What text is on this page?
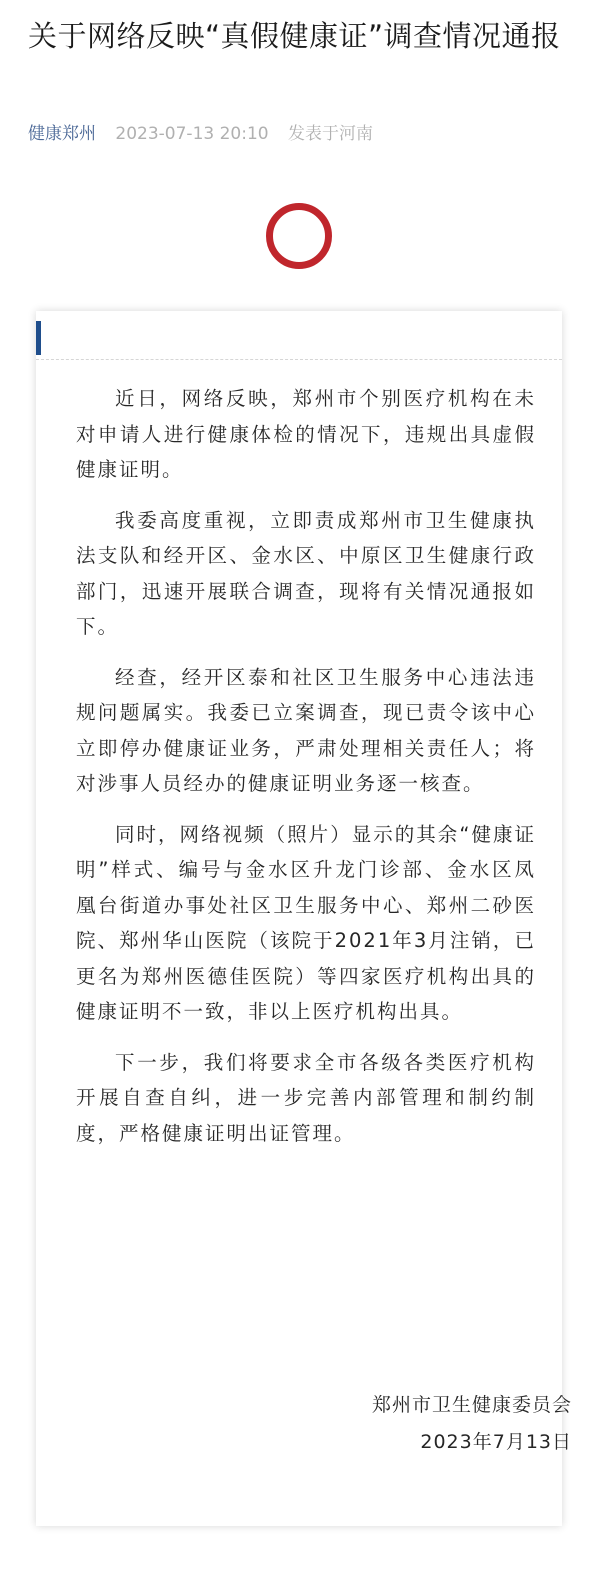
关于网络反映“真假健康证”调查情况通报
健康郑州 2023-07-13 20:10 发表于河南

近日，网络反映，郑州市个别医疗机构在未对申请人进行健康体检的情况下，违规出具虚假健康证明。

我委高度重视，立即责成郑州市卫生健康执法支队和经开区、金水区、中原区卫生健康行政部门，迅速开展联合调查，现将有关情况通报如下。

经查，经开区泰和社区卫生服务中心违法违规问题属实。我委已立案调查，现已责令该中心立即停办健康证业务，严肃处理相关责任人；将对涉事人员经办的健康证明业务逐一核查。

同时，网络视频（照片）显示的其余“健康证明”样式、编号与金水区升龙门诊部、金水区凤凰台街道办事处社区卫生服务中心、郑州二砂医院、郑州华山医院（该院于2021年3月注销，已更名为郑州医德佳医院）等四家医疗机构出具的健康证明不一致，非以上医疗机构出具。

下一步，我们将要求全市各级各类医疗机构开展自查自纠，进一步完善内部管理和制约制度，严格健康证明出证管理。

郑州市卫生健康委员会
2023年7月13日
